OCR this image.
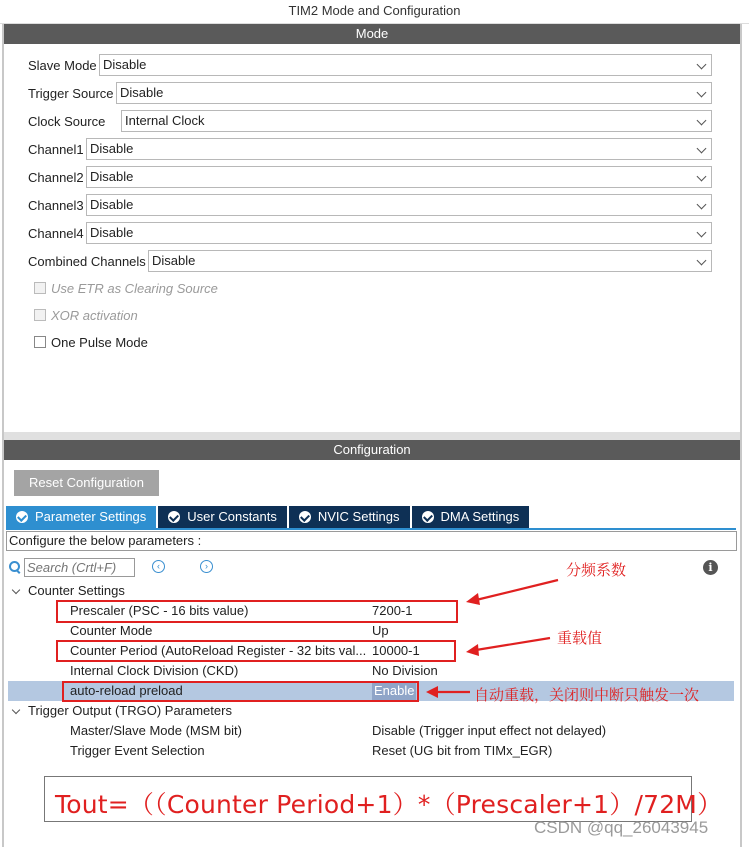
TIM2 Mode and Configuration
Mode
Slave Mode Disable
Trigger Source Disable
Clock Source	Internal Clock
Channel1 Disable
Channel2 Disable
Channel3 Disable
Channel4 Disable
Combined Channels Disable
Use ETR as Clearing Source
XOR activation
One Pulse Mode
Configuration
Reset Configuration
Parameter Settings	User Constants	NVIC Settings	DMA Settings
Configure the below parameters :
Search (Crtl+F)
‹	›	i
Counter Settings
Prescaler (PSC - 16 bits value)	7200-1
Counter Mode	Up
Counter Period (AutoReload Register - 32 bits val... 10000-1
Internal Clock Division (CKD)	No Division
auto-reload preload	Enable
Trigger Output (TRGO) Parameters
Master/Slave Mode (MSM bit)	Disable (Trigger input effect not delayed)
Trigger Event Selection	Reset (UG bit from TIMx_EGR)
分频系数
重载值
自动重载，关闭则中断只触发一次
Tout=（（Counter Period+1）*（Prescaler+1）/72M）
CSDN @qq_26043945
